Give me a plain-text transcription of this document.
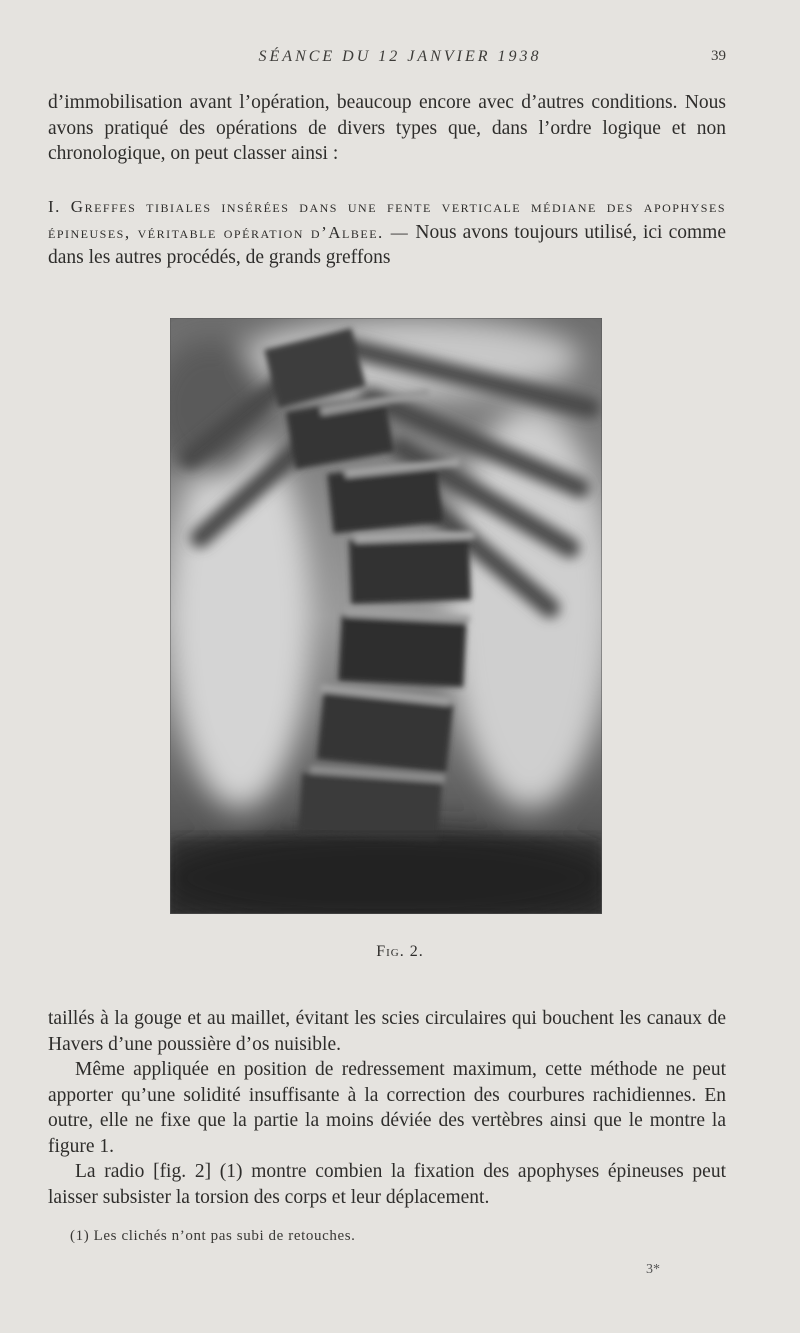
SÉANCE DU 12 JANVIER 1938	39
d’immobilisation avant l’opération, beaucoup encore avec d’autres conditions. Nous avons pratiqué des opérations de divers types que, dans l’ordre logique et non chronologique, on peut classer ainsi :
I. Greffes tibiales insérées dans une fente verticale médiane des apophyses épineuses, véritable opération d’Albee. — Nous avons toujours utilisé, ici comme dans les autres procédés, de grands greffons
Fig. 2.

taillés à la gouge et au maillet, évitant les scies circulaires qui bouchent les canaux de Havers d’une poussière d’os nuisible.

Même appliquée en position de redressement maximum, cette méthode ne peut apporter qu’une solidité insuffisante à la correction des courbures rachidiennes. En outre, elle ne fixe que la partie la moins déviée des vertèbres ainsi que le montre la figure 1.

La radio [fig. 2] (1) montre combien la fixation des apophyses épineuses peut laisser subsister la torsion des corps et leur déplacement.

(1) Les clichés n’ont pas subi de retouches.
3*
